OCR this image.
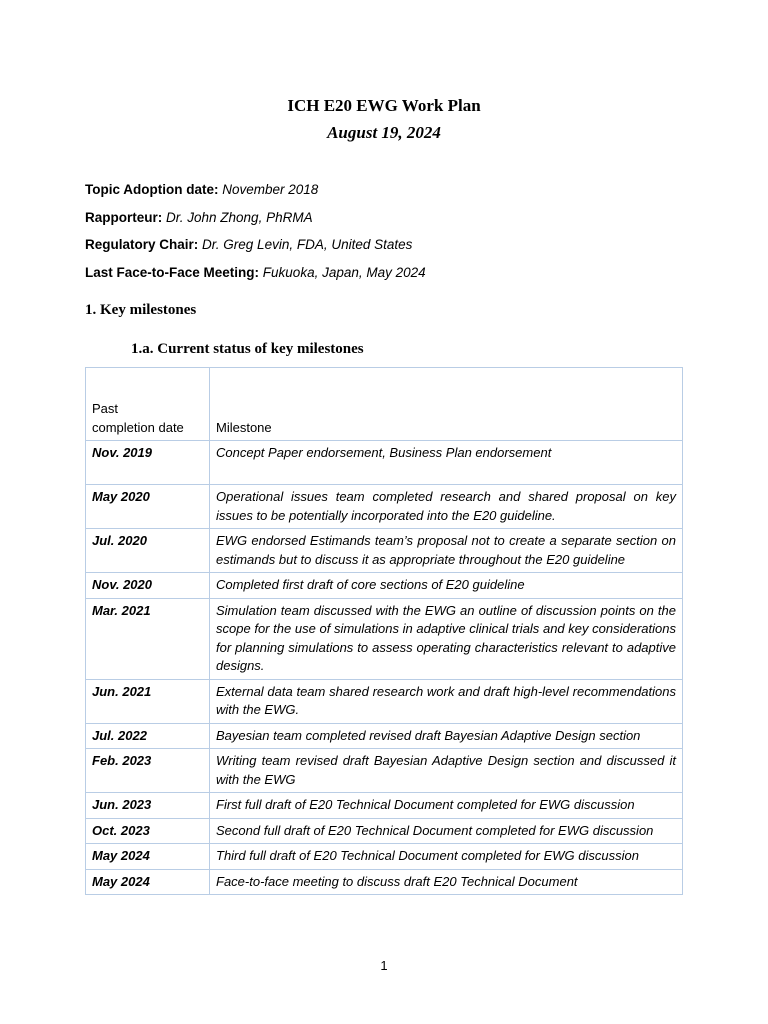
ICH E20 EWG Work Plan
August 19, 2024
Topic Adoption date: November 2018
Rapporteur: Dr. John Zhong, PhRMA
Regulatory Chair: Dr. Greg Levin, FDA, United States
Last Face-to-Face Meeting: Fukuoka, Japan, May 2024
1. Key milestones
1.a. Current status of key milestones
Past
completion date	Milestone
Nov. 2019	Concept Paper endorsement, Business Plan endorsement
May 2020	Operational issues team completed research and shared proposal on key issues to be potentially incorporated into the E20 guideline.
Jul. 2020	EWG endorsed Estimands team’s proposal not to create a separate section on estimands but to discuss it as appropriate throughout the E20 guideline
Nov. 2020	Completed first draft of core sections of E20 guideline
Mar. 2021	Simulation team discussed with the EWG an outline of discussion points on the scope for the use of simulations in adaptive clinical trials and key considerations for planning simulations to assess operating characteristics relevant to adaptive designs.
Jun. 2021	External data team shared research work and draft high-level recommendations with the EWG.
Jul. 2022	Bayesian team completed revised draft Bayesian Adaptive Design section
Feb. 2023	Writing team revised draft Bayesian Adaptive Design section and discussed it with the EWG
Jun. 2023	First full draft of E20 Technical Document completed for EWG discussion
Oct. 2023	Second full draft of E20 Technical Document completed for EWG discussion
May 2024	Third full draft of E20 Technical Document completed for EWG discussion
May 2024	Face-to-face meeting to discuss draft E20 Technical Document
1
